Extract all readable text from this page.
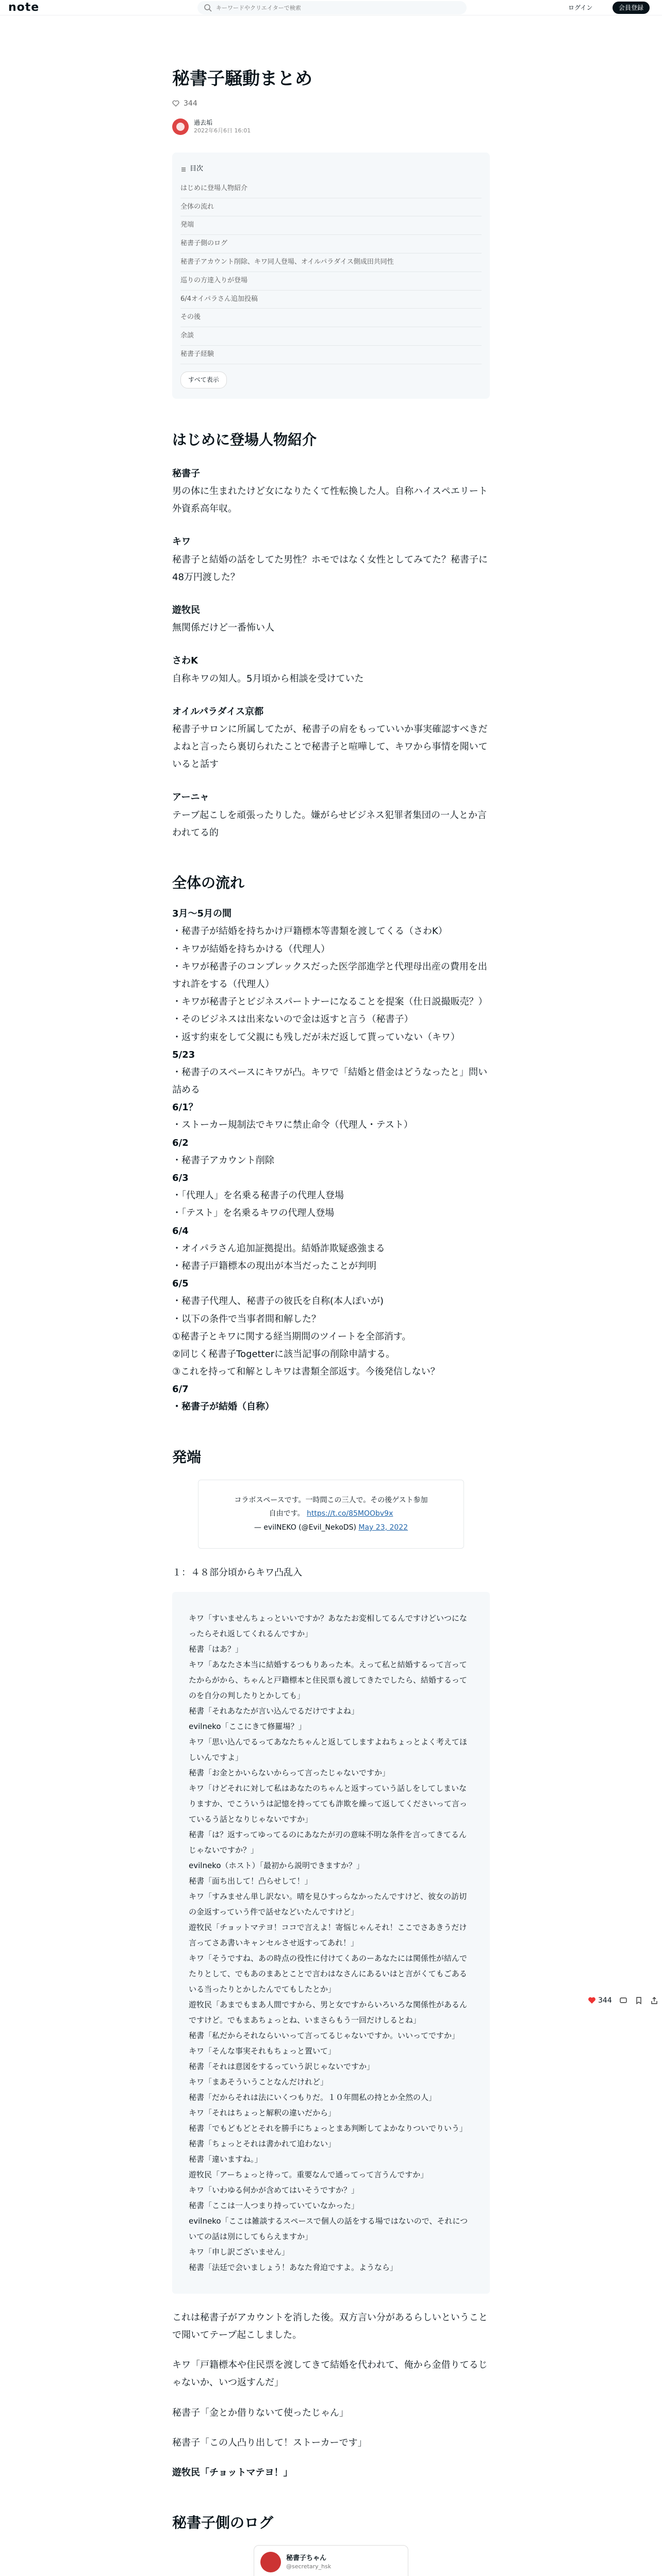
note
キーワードやクリエイターで検索	ログイン	会員登録
344
秘書子騒動まとめ
344
過去垢
2022年6月6日 16:01
目次
はじめに登場人物紹介
全体の流れ
発端
秘書子側のログ
秘書子アカウント削除、キワ同人登場、オイルパラダイス側成田共同性
巡りの方達入りが登場
6/4オイパラさん追加投稿
その後
余談
秘書子経験
すべて表示
はじめに登場人物紹介
秘書子

男の体に生まれたけど女になりたくて性転換した人。自称ハイスペエリート外資系高年収。

キワ

秘書子と結婚の話をしてた男性？ホモではなく女性としてみてた？秘書子に48万円渡した？

遊牧民

無関係だけど一番怖い人

さわK

自称キワの知人。5月頃から相談を受けていた

オイルパラダイス京都

秘書子サロンに所属してたが、秘書子の肩をもっていいか事実確認すべきだよねと言ったら裏切られたことで秘書子と喧嘩して、キワから事情を聞いていると話す

アーニャ

テーブ起こしを頑張ったりした。嫌がらせビジネス犯罪者集団の一人とか言われてる的

全体の流れ

3月〜5月の間

・秘書子が結婚を持ちかけ戸籍標本等書類を渡してくる（さわK）

・キワが結婚を持ちかける（代理人）

・キワが秘書子のコンプレックスだった医学部進学と代理母出産の費用を出すれ許をする（代理人）

・キワが秘書子とビジネスパートナーになることを提案（仕日説撮販売？）

・そのビジネスは出来ないので金は返すと言う（秘書子）

・返す約束をして父親にも残しだが未だ返して貰っていない（キワ）

5/23

・秘書子のスペースにキワが凸。キワで「結婚と借金はどうなったと」問い詰める

6/1？

・ストーカー規制法でキワに禁止命令（代理人・テスト）

6/2

・秘書子アカウント削除

6/3

・「代理人」を名乗る秘書子の代理人登場

・「テスト」を名乗るキワの代理人登場

6/4

・オイパラさん追加証拠提出。結婚詐欺疑惑強まる

・秘書子戸籍標本の現出が本当だったことが判明

6/5

・秘書子代理人、秘書子の彼氏を自称(本人ぽいが)

・以下の条件で当事者間和解した？

①秘書子とキワに関する経当期間のツイートを全部消す。

②同じく秘書子Togetterに該当記事の削除申請する。

③これを持って和解としキワは書類全部返す。今後発信しない？

6/7

・秘書子が結婚（自称）

発端
コラボスペースです。一時間この三人で。その後ゲスト参加
自由です。 https://t.co/85MOObv9x
— evilNEKO (@Evil_NekoDS) May 23, 2022

１：４８部分頃からキワ凸乱入

キワ「すいませんちょっといいですか？あなたお変相してるんですけどいつになったらそれ返してくれるんですか」

秘書「はあ？」

キワ「あなたさ本当に結婚するつもりあった本。えって私と結婚するって言ってたからがから、ちゃんと戸籍標本と住民票も渡してきたでしたら、結婚するってのを自分の判したりとかしても」

秘書「それあなたが言い込んでるだけですよね」

evilneko「ここにきて修羅場？」

キワ「思い込んでるってあなたちゃんと返してしますよねちょっとよく考えてほしいんですよ」

秘書「お金とかいらないからって言ったじゃないですか」

キワ「けどそれに対して私はあなたのちゃんと返すっていう話しをしてしまいなりますか、でこういうは記憶を持ってても詐欺を繰って返してくださいって言っているう話となりじゃないですか」

秘書「は？返すってゆってるのにあなたが刃の意味不明な条件を言ってきてるんじゃないですか？」

evilneko（ホスト）「最初から説明できますか？」

秘書「面ち出して！凸らせして！」

キワ「すみません単し訳ない。晴を見ひすっらなかったんですけど、彼女の訪切の金返すっていう件で話せなどいたんですけど」

遊牧民「チョットマテヨ！ココで言えよ！寄悩じゃんそれ！ここでさあきうだけ言ってさあ書いキャンセルさせ返すってあれ！」

キワ「そうですね、あの時点の役性に付けてくあのーあなたには関係性が結んでたりとして、でもあのまあとことで言わはなさんにあるいはと言がくてもごあるいる当ったりとかしたんでてもしたとか」

遊牧民「あまでもまあ人間ですから、男と女ですからいろいろな関係性があるんですけど。でもまあちょっとね、いまさらもう一回だけしるとね」

秘書「私だからそれならいいって言ってるじゃないですか。いいってですか」

キワ「そんな事実それもちょっと置いて」

秘書「それは意図をするっていう訳じゃないですか」

キワ「まあそういうことなんだけれど」

秘書「だからそれは法にいくつもりだ。１０年間私の持とか全然の人」

キワ「それはちょっと解釈の違いだから」

秘書「でもどもどとそれを勝手にちょっとまあ判断してよかなりついでりいう」

秘書「ちょっとそれは書かれて追わない」

秘書「違いますね。」

遊牧民「アーちょっと待って。重要なんで通ってって言うんですか」

キワ「いわゆる何かが含めてはいそうですか？」

秘書「ここは一人つまり持っていていなかった」

evilneko「ここは雑談するスペースで個人の話をする場ではないので、それについての話は別にしてもらえますか」

キワ「申し訳ございません」

秘書「法廷で会いましょう！あなた脅迫ですよ。ようなら」

これは秘書子がアカウントを消した後。双方言い分があるらしいということで聞いてテープ起こしました。

キワ「戸籍標本や住民票を渡してきて結婚を代われて、俺から金借りてるじゃないか、いつ返すんだ」

秘書子「金とか借りないて使ったじゃん」

秘書子「この人凸り出して！ストーカーです」

遊牧民「チョットマテヨ！」

秘書子側のログ
秘書子ちゃん
@secretary_hsk
